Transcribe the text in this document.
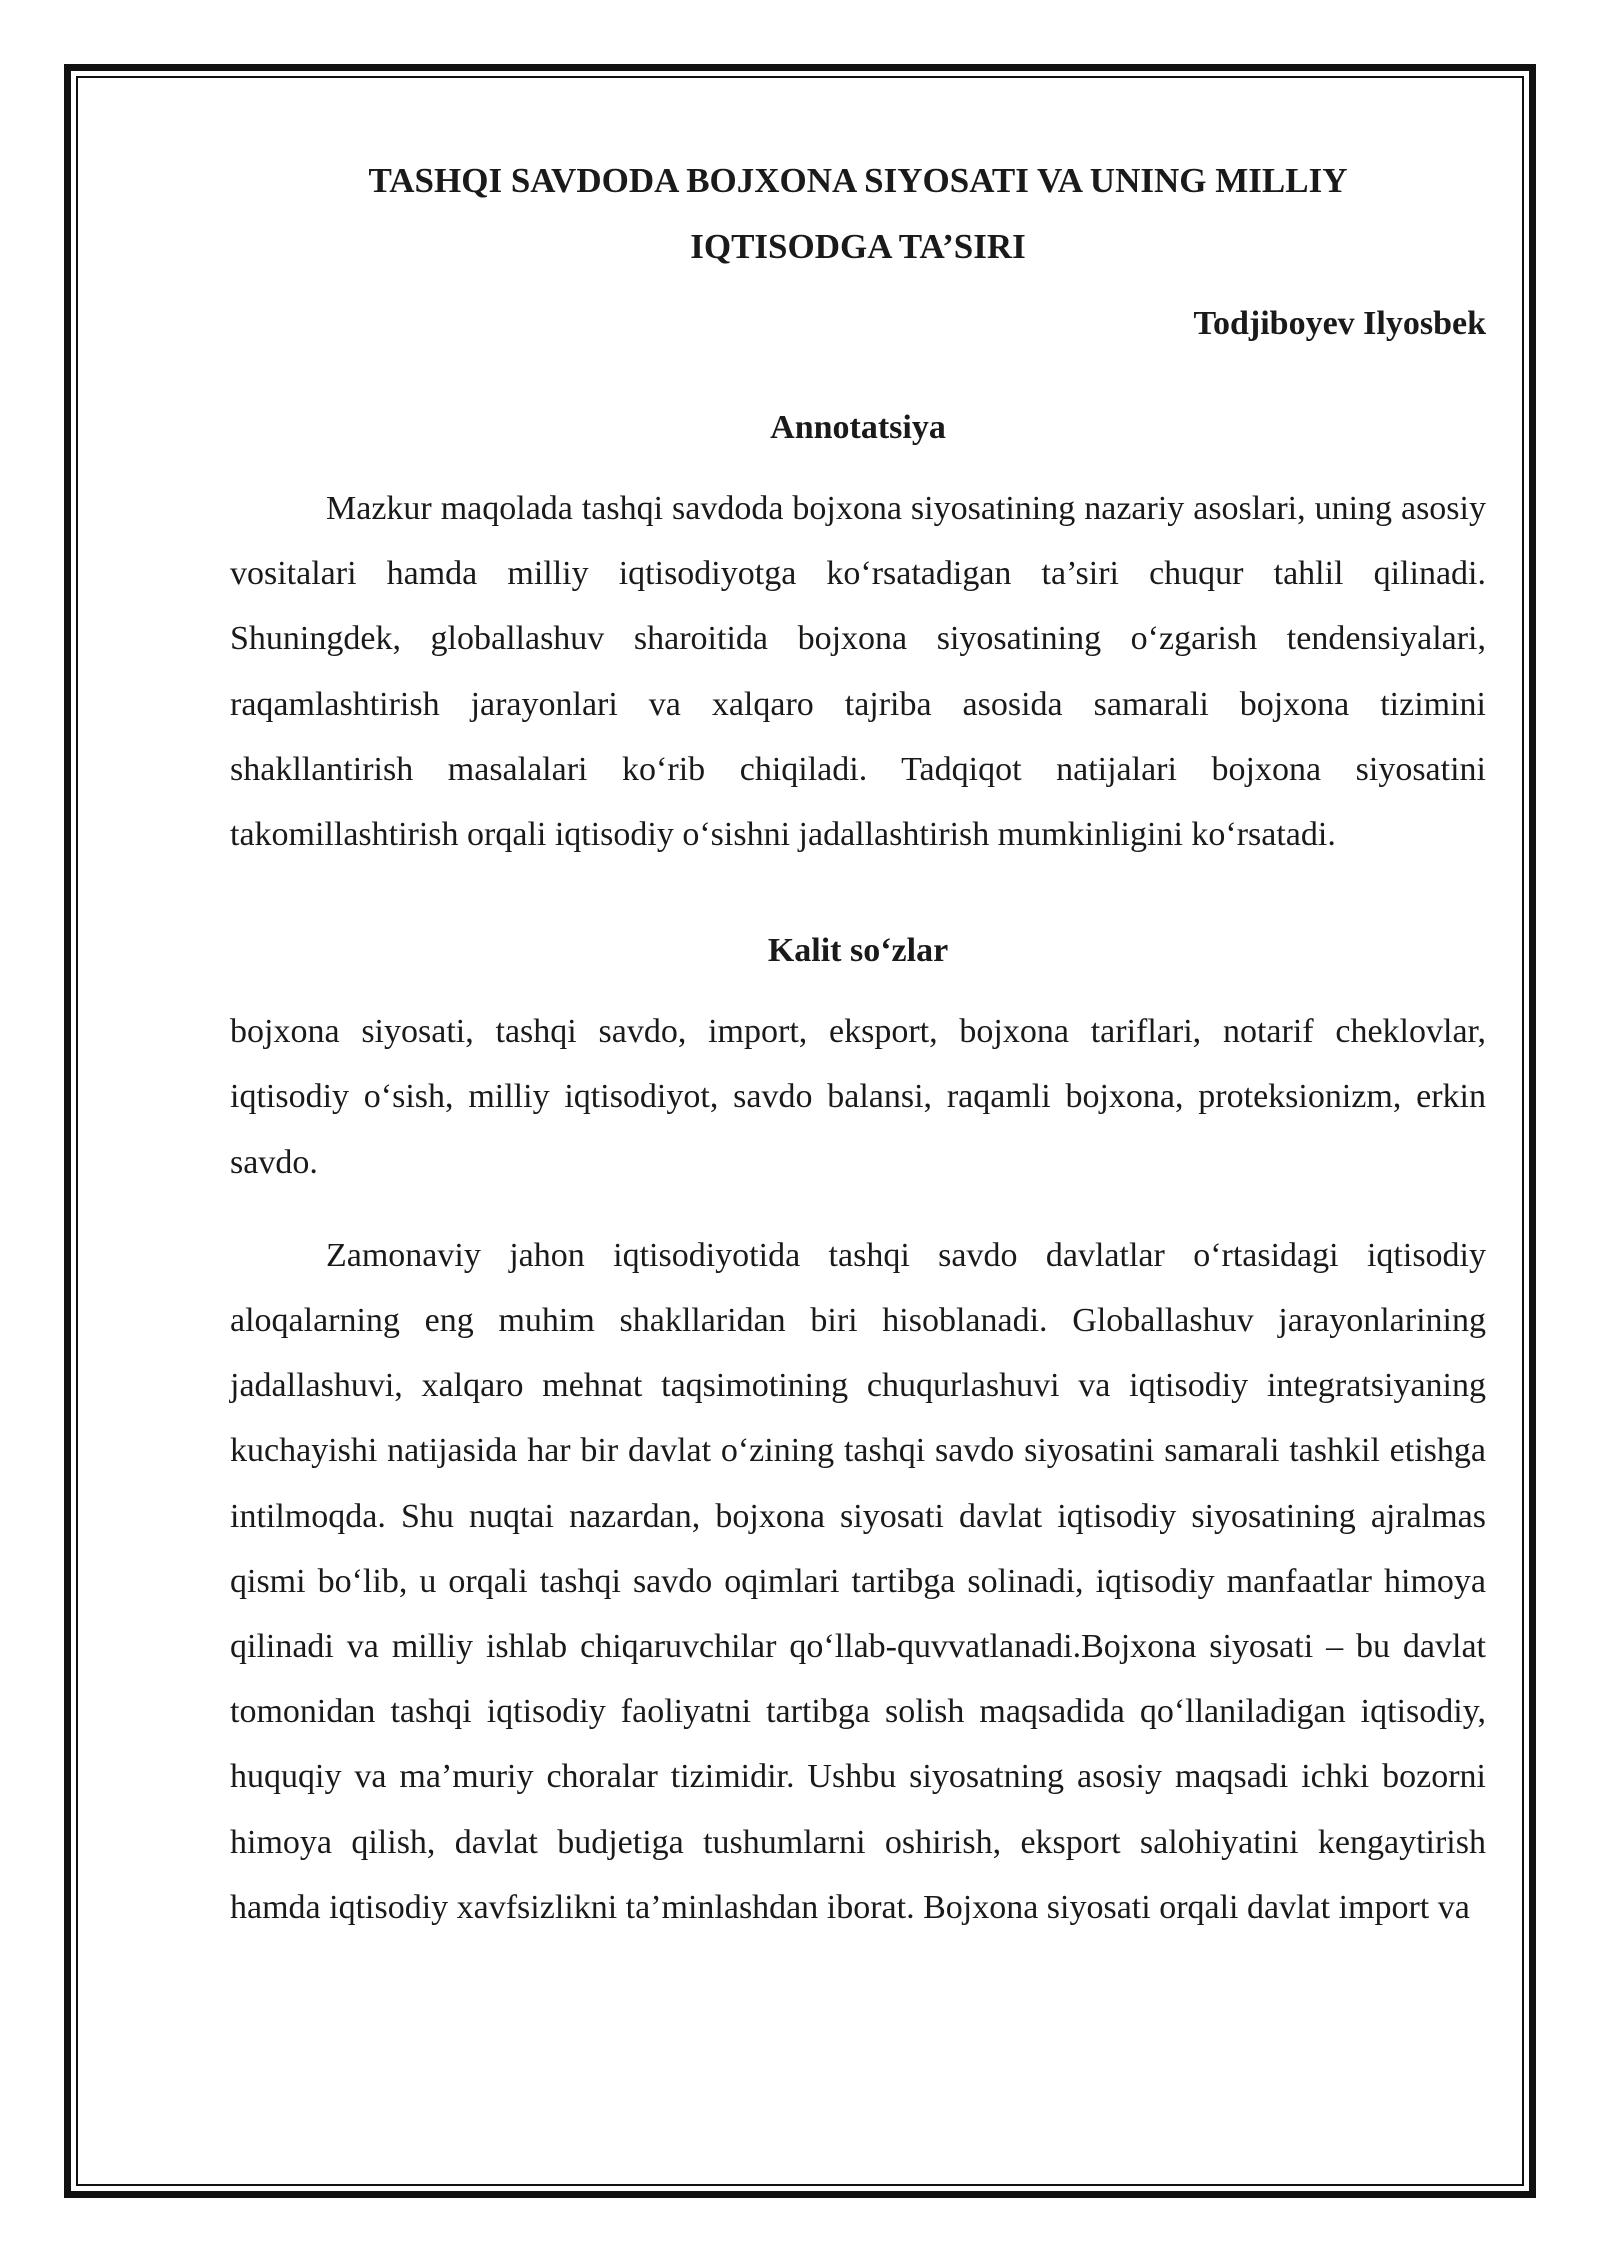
TASHQI SAVDODA BOJXONA SIYOSATI VA UNING MILLIY
IQTISODGA TA’SIRI

Todjiboyev Ilyosbek

Annotatsiya

Mazkur maqolada tashqi savdoda bojxona siyosatining nazariy asoslari, uning asosiy vositalari hamda milliy iqtisodiyotga ko‘rsatadigan ta’siri chuqur tahlil qilinadi. Shuningdek, globallashuv sharoitida bojxona siyosatining o‘zgarish tendensiyalari, raqamlashtirish jarayonlari va xalqaro tajriba asosida samarali bojxona tizimini shakllantirish masalalari ko‘rib chiqiladi. Tadqiqot natijalari bojxona siyosatini takomillashtirish orqali iqtisodiy o‘sishni jadallashtirish mumkinligini ko‘rsatadi.

Kalit so‘zlar

bojxona siyosati, tashqi savdo, import, eksport, bojxona tariflari, notarif cheklovlar, iqtisodiy o‘sish, milliy iqtisodiyot, savdo balansi, raqamli bojxona, proteksionizm, erkin savdo.

Zamonaviy jahon iqtisodiyotida tashqi savdo davlatlar o‘rtasidagi iqtisodiy aloqalarning eng muhim shakllaridan biri hisoblanadi. Globallashuv jarayonlarining jadallashuvi, xalqaro mehnat taqsimotining chuqurlashuvi va iqtisodiy integratsiyaning kuchayishi natijasida har bir davlat o‘zining tashqi savdo siyosatini samarali tashkil etishga intilmoqda. Shu nuqtai nazardan, bojxona siyosati davlat iqtisodiy siyosatining ajralmas qismi bo‘lib, u orqali tashqi savdo oqimlari tartibga solinadi, iqtisodiy manfaatlar himoya qilinadi va milliy ishlab chiqaruvchilar qo‘llab-quvvatlanadi.Bojxona siyosati – bu davlat tomonidan tashqi iqtisodiy faoliyatni tartibga solish maqsadida qo‘llaniladigan iqtisodiy, huquqiy va ma’muriy choralar tizimidir. Ushbu siyosatning asosiy maqsadi ichki bozorni himoya qilish, davlat budjetiga tushumlarni oshirish, eksport salohiyatini kengaytirish hamda iqtisodiy xavfsizlikni ta’minlashdan iborat. Bojxona siyosati orqali davlat import va
